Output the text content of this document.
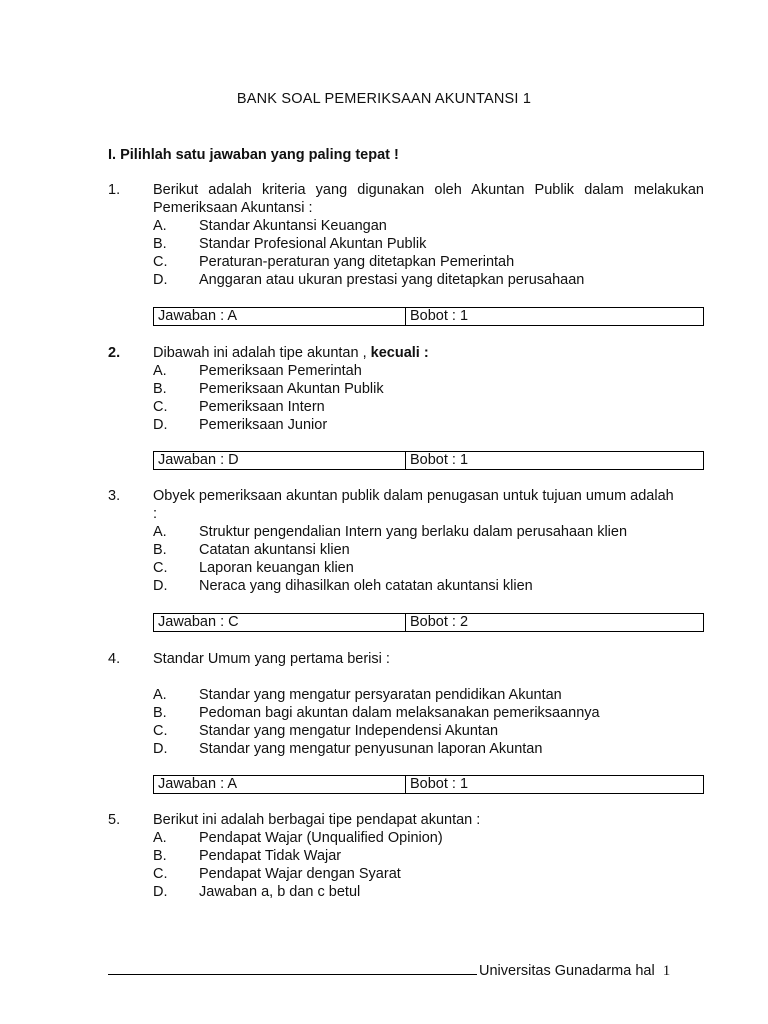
BANK SOAL PEMERIKSAAN AKUNTANSI 1
I. Pilihlah satu jawaban yang paling tepat !
1.	Berikut adalah kriteria yang digunakan oleh Akuntan Publik dalam melakukan Pemeriksaan Akuntansi :
A.	Standar Akuntansi Keuangan
B.	Standar Profesional Akuntan Publik
C.	Peraturan-peraturan yang ditetapkan Pemerintah
D.	Anggaran atau ukuran prestasi yang ditetapkan perusahaan
Jawaban : A	Bobot : 1
2.	Dibawah ini adalah tipe akuntan , kecuali :
A.	Pemeriksaan Pemerintah
B.	Pemeriksaan Akuntan Publik
C.	Pemeriksaan Intern
D.	Pemeriksaan Junior
Jawaban : D	Bobot : 1
3.	Obyek pemeriksaan akuntan publik dalam penugasan untuk tujuan umum adalah
:
A.	Struktur pengendalian Intern yang berlaku dalam perusahaan klien
B.	Catatan akuntansi klien
C.	Laporan keuangan klien
D.	Neraca yang dihasilkan oleh catatan akuntansi klien
Jawaban : C	Bobot : 2
4.	Standar Umum yang pertama berisi :
A.	Standar yang mengatur persyaratan pendidikan Akuntan
B.	Pedoman bagi akuntan dalam melaksanakan pemeriksaannya
C.	Standar yang mengatur Independensi Akuntan
D.	Standar yang mengatur penyusunan laporan Akuntan
Jawaban : A	Bobot : 1
5.	Berikut ini adalah berbagai tipe pendapat akuntan :
A.	Pendapat Wajar (Unqualified Opinion)
B.	Pendapat Tidak Wajar
C.	Pendapat Wajar dengan Syarat
D.	Jawaban a, b dan c betul
Universitas Gunadarma hal 1
